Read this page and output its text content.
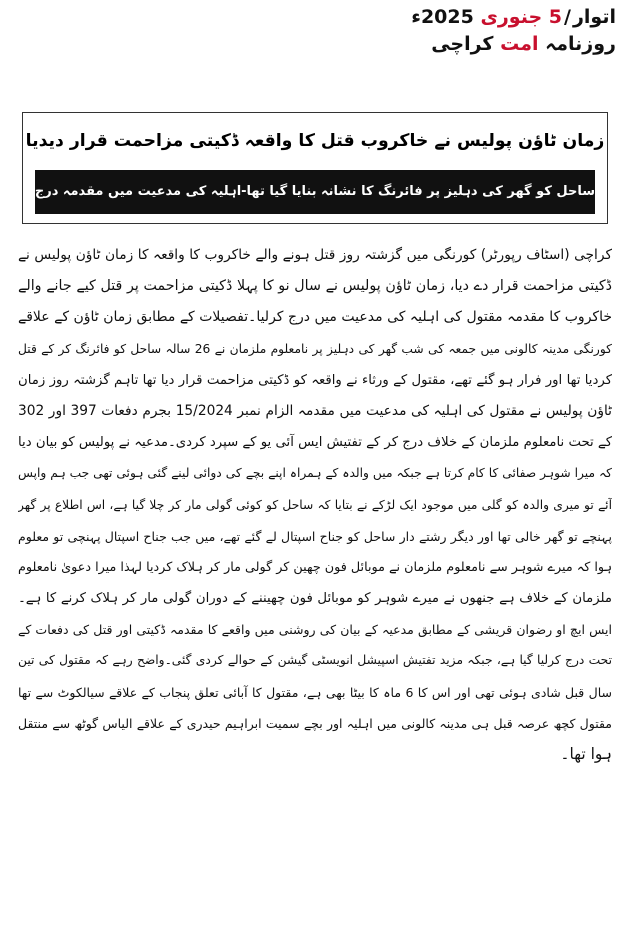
اتوار/5 جنوری 2025ء
روزنامہ امت کراچی
زمان ٹاؤن پولیس نے خاکروب قتل کا واقعہ ڈکیتی مزاحمت قرار دیدیا
ساحل کو گھر کی دہلیز پر فائرنگ کا نشانہ بنایا گیا تھا-اہلیہ کی مدعیت میں مقدمہ درج
کراچی (اسٹاف رپورٹر) کورنگی میں گزشتہ روز قتل ہونے والے خاکروب کا واقعہ کا زمان ٹاؤن پولیس نے
ڈکیتی مزاحمت قرار دے دیا، زمان ٹاؤن پولیس نے سال نو کا پہلا ڈکیتی مزاحمت پر قتل کیے جانے والے
خاکروب کا مقدمہ مقتول کی اہلیہ کی مدعیت میں درج کرلیا۔تفصیلات کے مطابق زمان ٹاؤن کے علاقے
کورنگی مدینہ کالونی میں جمعہ کی شب گھر کی دہلیز پر نامعلوم ملزمان نے 26 سالہ ساحل کو فائرنگ کر کے قتل
کردیا تھا اور فرار ہو گئے تھے، مقتول کے ورثاء نے واقعہ کو ڈکیتی مزاحمت قرار دیا تھا تاہم گزشتہ روز زمان
ٹاؤن پولیس نے مقتول کی اہلیہ کی مدعیت میں مقدمہ الزام نمبر 15/2024 بجرم دفعات 397 اور 302
کے تحت نامعلوم ملزمان کے خلاف درج کر کے تفتیش ایس آئی یو کے سپرد کردی۔مدعیہ نے پولیس کو بیان دیا
کہ میرا شوہر صفائی کا کام کرتا ہے جبکہ میں والدہ کے ہمراہ اپنے بچے کی دوائی لینے گئی ہوئی تھی جب ہم واپس
آئے تو میری والدہ کو گلی میں موجود ایک لڑکے نے بتایا کہ ساحل کو کوئی گولی مار کر چلا گیا ہے، اس اطلاع پر گھر
پہنچے تو گھر خالی تھا اور دیگر رشتے دار ساحل کو جناح اسپتال لے گئے تھے، میں جب جناح اسپتال پہنچی تو معلوم
ہوا کہ میرے شوہر سے نامعلوم ملزمان نے موبائل فون چھین کر گولی مار کر ہلاک کردیا لہذا میرا دعویٰ نامعلوم
ملزمان کے خلاف ہے جنھوں نے میرے شوہر کو موبائل فون چھیننے کے دوران گولی مار کر ہلاک کرنے کا ہے۔
ایس ایچ او رضوان قریشی کے مطابق مدعیہ کے بیان کی روشنی میں واقعے کا مقدمہ ڈکیتی اور قتل کی دفعات کے
تحت درج کرلیا گیا ہے، جبکہ مزید تفتیش اسپیشل انویسٹی گیشن کے حوالے کردی گئی۔واضح رہے کہ مقتول کی تین
سال قبل شادی ہوئی تھی اور اس کا 6 ماہ کا بیٹا بھی ہے، مقتول کا آبائی تعلق پنجاب کے علاقے سیالکوٹ سے تھا
مقتول کچھ عرصہ قبل ہی مدینہ کالونی میں اہلیہ اور بچے سمیت ابراہیم حیدری کے علاقے الیاس گوٹھ سے منتقل
ہوا تھا۔
